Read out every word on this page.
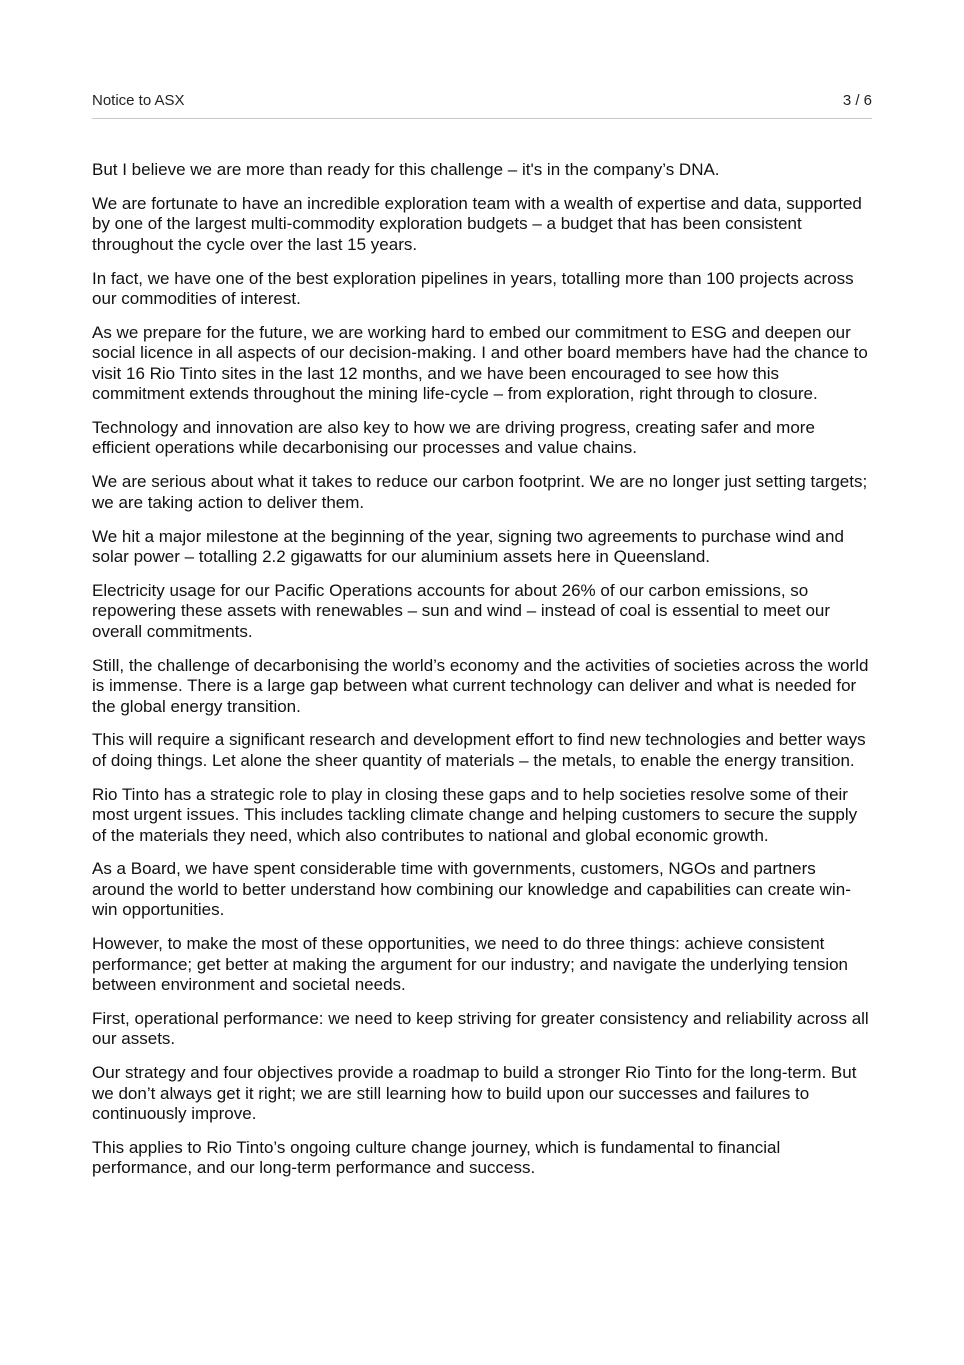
Notice to ASX	3 / 6

But I believe we are more than ready for this challenge – it's in the company’s DNA.

We are fortunate to have an incredible exploration team with a wealth of expertise and data, supported by one of the largest multi-commodity exploration budgets – a budget that has been consistent throughout the cycle over the last 15 years.

In fact, we have one of the best exploration pipelines in years, totalling more than 100 projects across our commodities of interest.

As we prepare for the future, we are working hard to embed our commitment to ESG and deepen our social licence in all aspects of our decision-making. I and other board members have had the chance to visit 16 Rio Tinto sites in the last 12 months, and we have been encouraged to see how this commitment extends throughout the mining life-cycle – from exploration, right through to closure.

Technology and innovation are also key to how we are driving progress, creating safer and more efficient operations while decarbonising our processes and value chains.

We are serious about what it takes to reduce our carbon footprint. We are no longer just setting targets; we are taking action to deliver them.

We hit a major milestone at the beginning of the year, signing two agreements to purchase wind and solar power – totalling 2.2 gigawatts for our aluminium assets here in Queensland.

Electricity usage for our Pacific Operations accounts for about 26% of our carbon emissions, so repowering these assets with renewables – sun and wind – instead of coal is essential to meet our overall commitments.

Still, the challenge of decarbonising the world’s economy and the activities of societies across the world is immense. There is a large gap between what current technology can deliver and what is needed for the global energy transition.

This will require a significant research and development effort to find new technologies and better ways of doing things. Let alone the sheer quantity of materials – the metals, to enable the energy transition.

Rio Tinto has a strategic role to play in closing these gaps and to help societies resolve some of their most urgent issues. This includes tackling climate change and helping customers to secure the supply of the materials they need, which also contributes to national and global economic growth.

As a Board, we have spent considerable time with governments, customers, NGOs and partners around the world to better understand how combining our knowledge and capabilities can create win-win opportunities.

However, to make the most of these opportunities, we need to do three things: achieve consistent performance; get better at making the argument for our industry; and navigate the underlying tension between environment and societal needs.

First, operational performance: we need to keep striving for greater consistency and reliability across all our assets.

Our strategy and four objectives provide a roadmap to build a stronger Rio Tinto for the long-term. But we don’t always get it right; we are still learning how to build upon our successes and failures to continuously improve.

This applies to Rio Tinto’s ongoing culture change journey, which is fundamental to financial performance, and our long-term performance and success.
